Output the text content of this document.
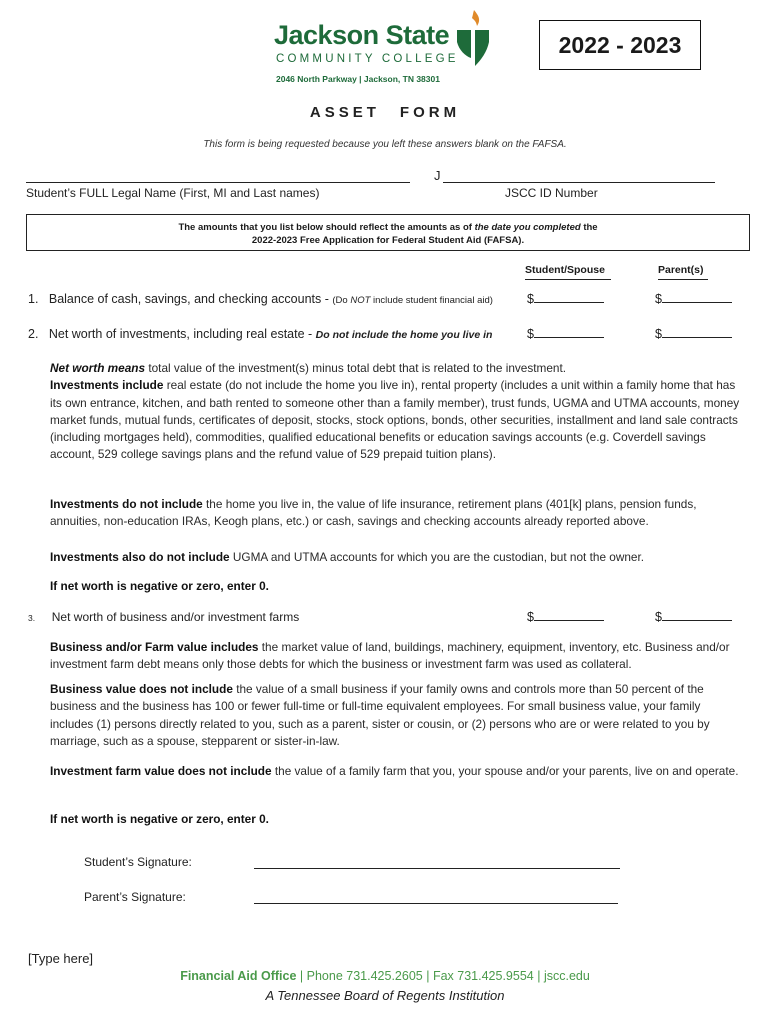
Jackson State
COMMUNITY COLLEGE
2046 North Parkway | Jackson, TN 38301
2022 - 2023
ASSET FORM
This form is being requested because you left these answers blank on the FAFSA.
Student’s FULL Legal Name (First, MI and Last names)
J
JSCC ID Number
The amounts that you list below should reflect the amounts as of the date you completed the
2022-2023 Free Application for Federal Student Aid (FAFSA).
Student/Spouse	Parent(s)
1. Balance of cash, savings, and checking accounts - (Do NOT include student financial aid)	$	$
2. Net worth of investments, including real estate - Do not include the home you live in	$	$
Net worth means total value of the investment(s) minus total debt that is related to the investment.
Investments include real estate (do not include the home you live in), rental property (includes a unit within a family home that has its own entrance, kitchen, and bath rented to someone other than a family member), trust funds, UGMA and UTMA accounts, money market funds, mutual funds, certificates of deposit, stocks, stock options, bonds, other securities, installment and land sale contracts (including mortgages held), commodities, qualified educational benefits or education savings accounts (e.g. Coverdell savings account, 529 college savings plans and the refund value of 529 prepaid tuition plans).
Investments do not include the home you live in, the value of life insurance, retirement plans (401[k] plans, pension funds, annuities, non-education IRAs, Keogh plans, etc.) or cash, savings and checking accounts already reported above.
Investments also do not include UGMA and UTMA accounts for which you are the custodian, but not the owner.
If net worth is negative or zero, enter 0.
3. Net worth of business and/or investment farms	$	$
Business and/or Farm value includes the market value of land, buildings, machinery, equipment, inventory, etc. Business and/or investment farm debt means only those debts for which the business or investment farm was used as collateral.
Business value does not include the value of a small business if your family owns and controls more than 50 percent of the business and the business has 100 or fewer full-time or full-time equivalent employees. For small business value, your family includes (1) persons directly related to you, such as a parent, sister or cousin, or (2) persons who are or were related to you by marriage, such as a spouse, stepparent or sister-in-law.
Investment farm value does not include the value of a family farm that you, your spouse and/or your parents, live on and operate.
If net worth is negative or zero, enter 0.
Student’s Signature:
Parent’s Signature:
[Type here]
Financial Aid Office | Phone 731.425.2605 | Fax 731.425.9554 | jscc.edu
A Tennessee Board of Regents Institution
